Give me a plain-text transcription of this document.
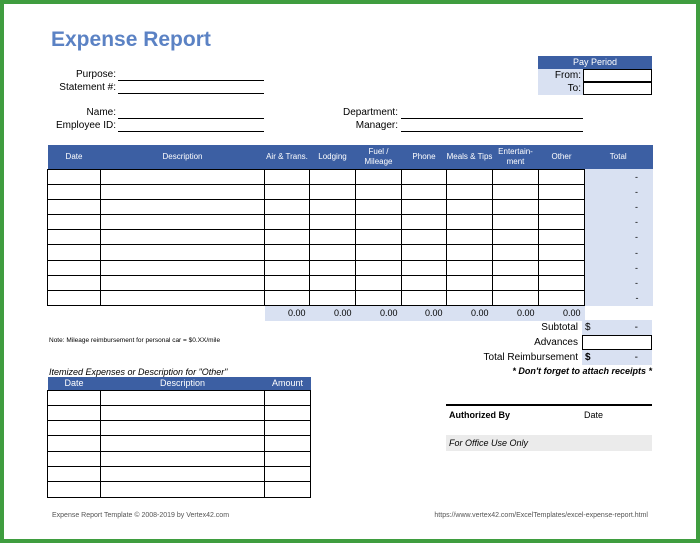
Expense Report
Purpose:
Statement #:
Name:
Employee ID:
Department:
Manager:
Pay Period
From:
To:
Date	Description	Air & Trans.	Lodging	Fuel / Mileage	Phone	Meals & Tips	Entertain-ment	Other	Total
									-
									-
									-
									-
									-
									-
									-
									-
									-
		0.00	0.00	0.00	0.00	0.00	0.00	0.00	
Note: Mileage reimbursement for personal car = $0.XX/mile
Subtotal $	-
Advances
Total Reimbursement $	-
* Don't forget to attach receipts *
Itemized Expenses or Description for "Other"
Date	Description	Amount

Authorized By	Date
For Office Use Only
Expense Report Template © 2008-2019 by Vertex42.com	https://www.vertex42.com/ExcelTemplates/excel-expense-report.html
